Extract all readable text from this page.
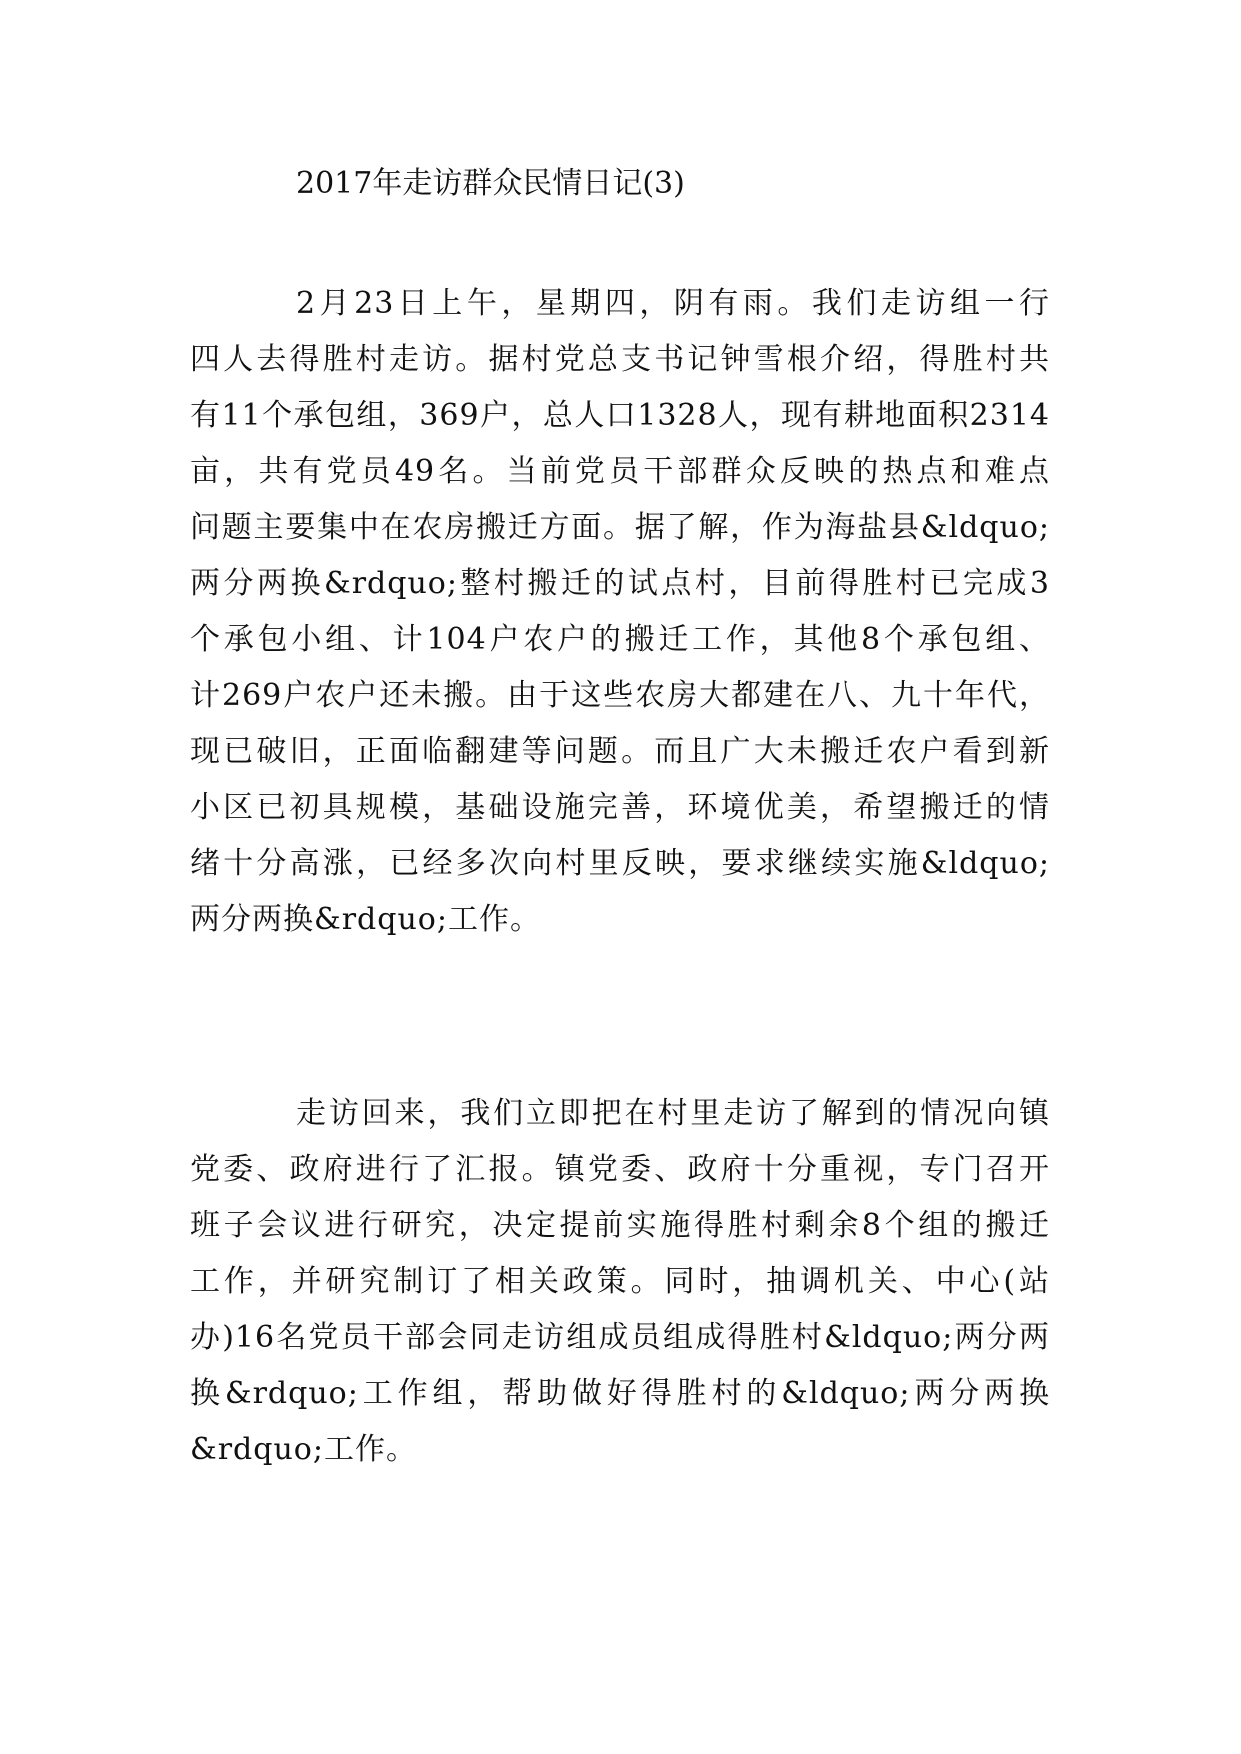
2017年走访群众民情日记(3)
2月23日上午，星期四，阴有雨。我们走访组一行
四人去得胜村走访。据村党总支书记钟雪根介绍，得胜村共
有11个承包组，369户，总人口1328人，现有耕地面积2314
亩，共有党员49名。当前党员干部群众反映的热点和难点
问题主要集中在农房搬迁方面。据了解，作为海盐县&ldquo;
两分两换&rdquo;整村搬迁的试点村，目前得胜村已完成3
个承包小组、计104户农户的搬迁工作，其他8个承包组、
计269户农户还未搬。由于这些农房大都建在八、九十年代，
现已破旧，正面临翻建等问题。而且广大未搬迁农户看到新
小区已初具规模，基础设施完善，环境优美，希望搬迁的情
绪十分高涨，已经多次向村里反映，要求继续实施&ldquo;
两分两换&rdquo;工作。
走访回来，我们立即把在村里走访了解到的情况向镇
党委、政府进行了汇报。镇党委、政府十分重视，专门召开
班子会议进行研究，决定提前实施得胜村剩余8个组的搬迁
工作，并研究制订了相关政策。同时，抽调机关、中心(站
办)16名党员干部会同走访组成员组成得胜村&ldquo;两分两
换&rdquo;工作组，帮助做好得胜村的&ldquo;两分两换
&rdquo;工作。
